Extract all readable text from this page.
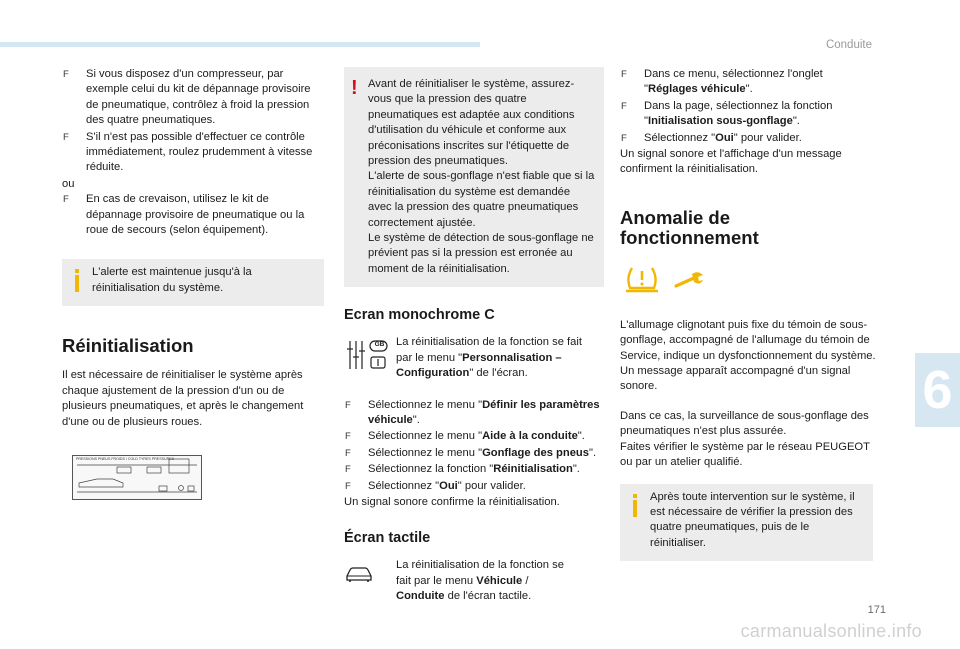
Conduite

F Si vous disposez d'un compresseur, par exemple celui du kit de dépannage provisoire de pneumatique, contrôlez à froid la pression des quatre pneumatiques.

F S'il n'est pas possible d'effectuer ce contrôle immédiatement, roulez prudemment à vitesse réduite.

ou

F En cas de crevaison, utilisez le kit de dépannage provisoire de pneumatique ou la roue de secours (selon équipement).

L'alerte est maintenue jusqu'à la réinitialisation du système.

Réinitialisation

Il est nécessaire de réinitialiser le système après chaque ajustement de la pression d'un ou de plusieurs pneumatiques, et après le changement d'une ou de plusieurs roues.

PRESSIONS PNEUS FROIDS / COLD TYRES PRESSURES
! Avant de réinitialiser le système, assurez-vous que la pression des quatre pneumatiques est adaptée aux conditions d'utilisation du véhicule et conforme aux préconisations inscrites sur l'étiquette de pression des pneumatiques.

L'alerte de sous-gonflage n'est fiable que si la réinitialisation du système est demandée avec la pression des quatre pneumatiques correctement ajustée.

Le système de détection de sous-gonflage ne prévient pas si la pression est erronée au moment de la réinitialisation.

Ecran monochrome C
GB La réinitialisation de la fonction se fait par le menu "Personnalisation – Configuration" de l'écran.

F Sélectionnez le menu "Définir les paramètres véhicule".

F Sélectionnez le menu "Aide à la conduite".

F Sélectionnez le menu "Gonflage des pneus".

F Sélectionnez la fonction "Réinitialisation".

F Sélectionnez "Oui" pour valider.

Un signal sonore confirme la réinitialisation.

Écran tactile

La réinitialisation de la fonction se fait par le menu Véhicule / Conduite de l'écran tactile.

F Dans ce menu, sélectionnez l'onglet "Réglages véhicule".

F Dans la page, sélectionnez la fonction "Initialisation sous-gonflage".

F Sélectionnez "Oui" pour valider.

Un signal sonore et l'affichage d'un message confirment la réinitialisation.

Anomalie de
fonctionnement

L'allumage clignotant puis fixe du témoin de sous-gonflage, accompagné de l'allumage du témoin de Service, indique un dysfonctionnement du système.

Un message apparaît accompagné d'un signal sonore.

Dans ce cas, la surveillance de sous-gonflage des pneumatiques n'est plus assurée.

Faites vérifier le système par le réseau PEUGEOT ou par un atelier qualifié.

Après toute intervention sur le système, il est nécessaire de vérifier la pression des quatre pneumatiques, puis de le réinitialiser.

6
171
carmanualsonline.info
